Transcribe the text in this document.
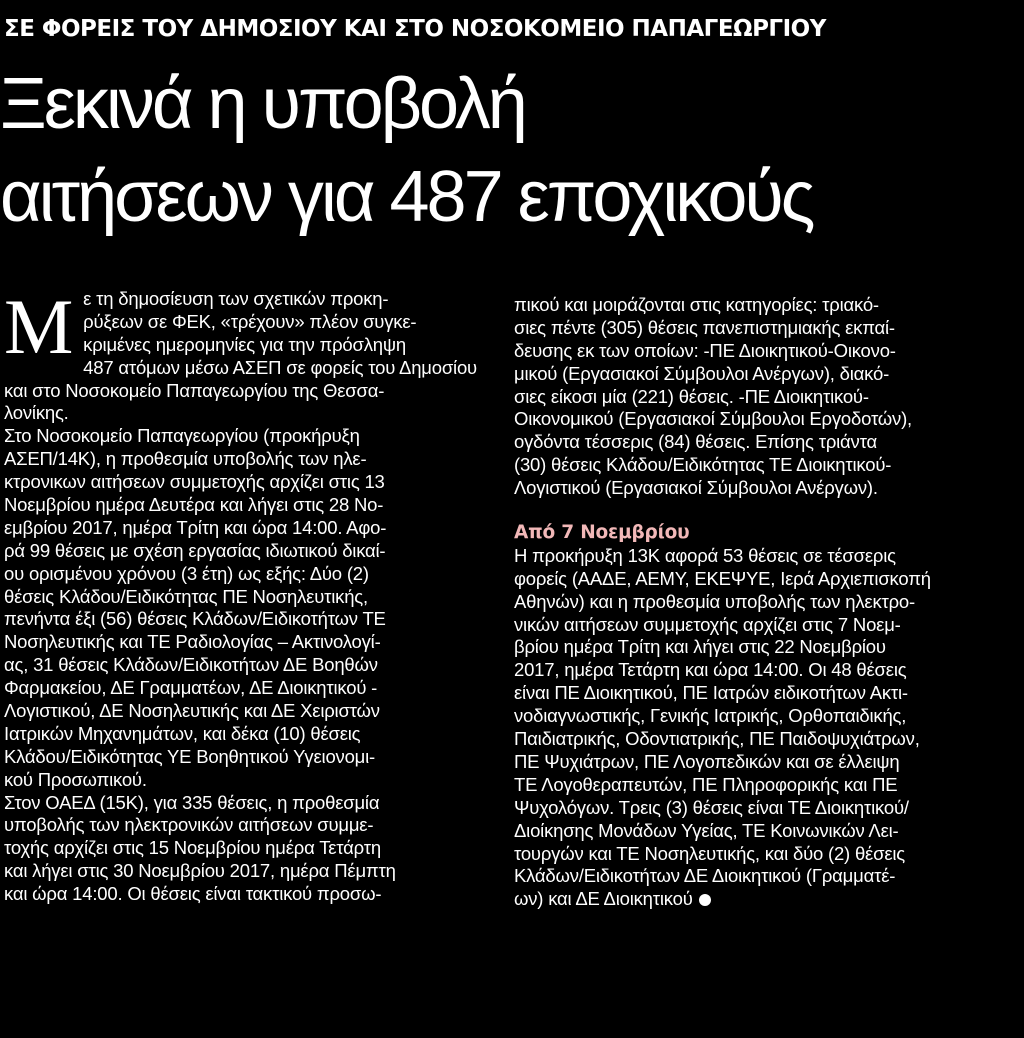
ΣΕ ΦΟΡΕΙΣ ΤΟΥ ΔΗΜΟΣΙΟΥ ΚΑΙ ΣΤΟ ΝΟΣΟΚΟΜΕΙΟ ΠΑΠΑΓΕΩΡΓΙΟΥ
Ξεκινά η υποβολή
αιτήσεων για 487 εποχικούς
Μ ε τη δημοσίευση των σχετικών προκη-
ρύξεων σε ΦΕΚ, «τρέχουν» πλέον συγκε-
κριμένες ημερομηνίες για την πρόσληψη
487 ατόμων μέσω ΑΣΕΠ σε φορείς του Δημοσίου
και στο Νοσοκομείο Παπαγεωργίου της Θεσσα-
λονίκης.
Στο Νοσοκομείο Παπαγεωργίου (προκήρυξη
ΑΣΕΠ/14Κ), η προθεσμία υποβολής των ηλε-
κτρονικων αιτήσεων συμμετοχής αρχίζει στις 13
Νοεμβρίου ημέρα Δευτέρα και λήγει στις 28 Νο-
εμβρίου 2017, ημέρα Τρίτη και ώρα 14:00. Αφο-
ρά 99 θέσεις με σχέση εργασίας ιδιωτικού δικαί-
ου ορισμένου χρόνου (3 έτη) ως εξής: Δύο (2)
θέσεις Κλάδου/Ειδικότητας ΠΕ Νοσηλευτικής,
πενήντα έξι (56) θέσεις Κλάδων/Ειδικοτήτων ΤΕ
Νοσηλευτικής και ΤΕ Ραδιολογίας – Ακτινολογί-
ας, 31 θέσεις Κλάδων/Ειδικοτήτων ΔΕ Βοηθών
Φαρμακείου, ΔΕ Γραμματέων, ΔΕ Διοικητικού -
Λογιστικού, ΔΕ Νοσηλευτικής και ΔΕ Χειριστών
Ιατρικών Μηχανημάτων, και δέκα (10) θέσεις
Κλάδου/Ειδικότητας ΥΕ Βοηθητικού Υγειονομι-
κού Προσωπικού.
Στον ΟΑΕΔ (15Κ), για 335 θέσεις, η προθεσμία
υποβολής των ηλεκτρονικών αιτήσεων συμμε-
τοχής αρχίζει στις 15 Νοεμβρίου ημέρα Τετάρτη
και λήγει στις 30 Νοεμβρίου 2017, ημέρα Πέμπτη
και ώρα 14:00. Οι θέσεις είναι τακτικού προσω-
πικού και μοιράζονται στις κατηγορίες: τριακό-
σιες πέντε (305) θέσεις πανεπιστημιακής εκπαί-
δευσης εκ των οποίων: -ΠΕ Διοικητικού-Οικονο-
μικού (Εργασιακοί Σύμβουλοι Ανέργων), διακό-
σιες είκοσι μία (221) θέσεις. -ΠΕ Διοικητικού-
Οικονομικού (Εργασιακοί Σύμβουλοι Εργοδοτών),
ογδόντα τέσσερις (84) θέσεις. Επίσης τριάντα
(30) θέσεις Κλάδου/Ειδικότητας ΤΕ Διοικητικού-
Λογιστικού (Εργασιακοί Σύμβουλοι Ανέργων).
Από 7 Νοεμβρίου
Η προκήρυξη 13Κ αφορά 53 θέσεις σε τέσσερις
φορείς (ΑΑΔΕ, ΑΕΜΥ, ΕΚΕΨΥΕ, Ιερά Αρχιεπισκοπή
Αθηνών) και η προθεσμία υποβολής των ηλεκτρο-
νικών αιτήσεων συμμετοχής αρχίζει στις 7 Νοεμ-
βρίου ημέρα Τρίτη και λήγει στις 22 Νοεμβρίου
2017, ημέρα Τετάρτη και ώρα 14:00. Οι 48 θέσεις
είναι ΠΕ Διοικητικού, ΠΕ Ιατρών ειδικοτήτων Ακτι-
νοδιαγνωστικής, Γενικής Ιατρικής, Ορθοπαιδικής,
Παιδιατρικής, Οδοντιατρικής, ΠΕ Παιδοψυχιάτρων,
ΠΕ Ψυχιάτρων, ΠΕ Λογοπεδικών και σε έλλειψη
ΤΕ Λογοθεραπευτών, ΠΕ Πληροφορικής και ΠΕ
Ψυχολόγων. Τρεις (3) θέσεις είναι ΤΕ Διοικητικού/
Διοίκησης Μονάδων Υγείας, ΤΕ Κοινωνικών Λει-
τουργών και ΤΕ Νοσηλευτικής, και δύο (2) θέσεις
Κλάδων/Ειδικοτήτων ΔΕ Διοικητικού (Γραμματέ-
ων) και ΔΕ Διοικητικού
